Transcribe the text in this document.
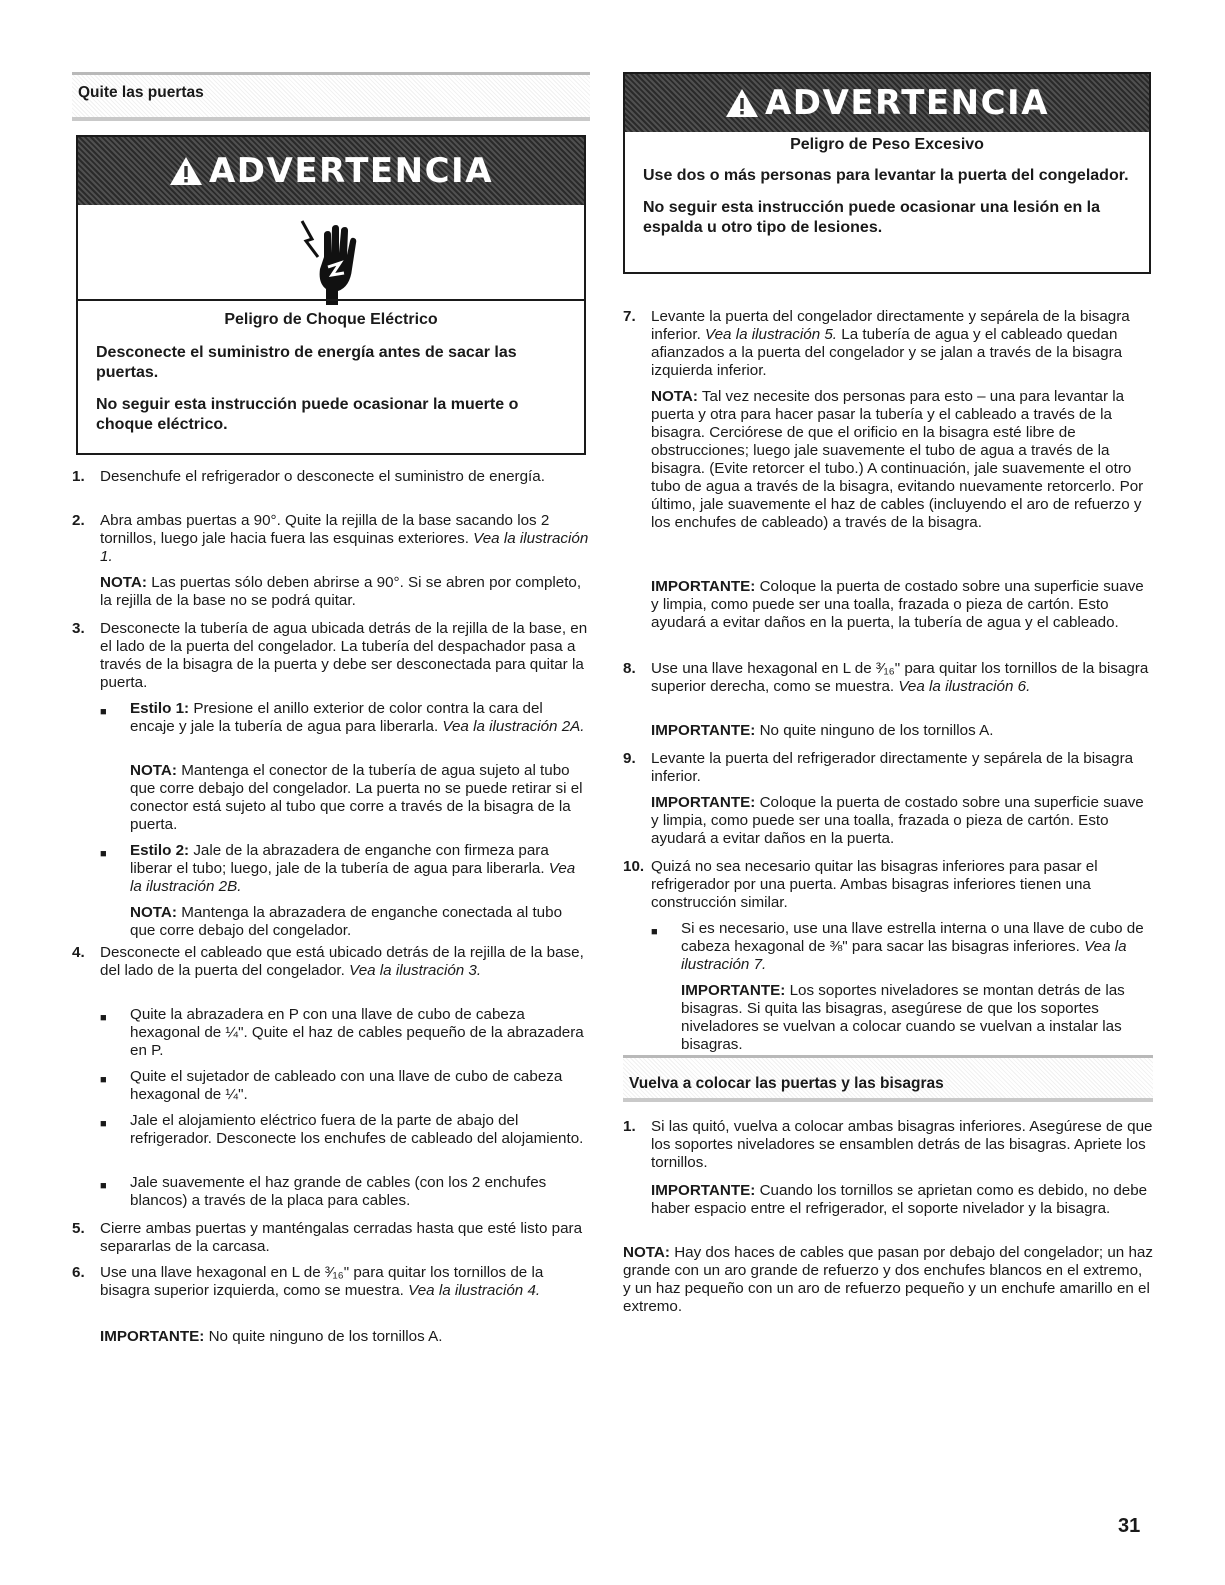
Quite las puertas
ADVERTENCIA
Peligro de Choque Eléctrico

Desconecte el suministro de energía antes de sacar las puertas.

No seguir esta instrucción puede ocasionar la muerte o choque eléctrico.

1. Desenchufe el refrigerador o desconecte el suministro de energía.

2. Abra ambas puertas a 90°. Quite la rejilla de la base sacando los 2 tornillos, luego jale hacia fuera las esquinas exteriores. Vea la ilustración 1.

NOTA: Las puertas sólo deben abrirse a 90°. Si se abren por completo, la rejilla de la base no se podrá quitar.

3. Desconecte la tubería de agua ubicada detrás de la rejilla de la base, en el lado de la puerta del congelador. La tubería del despachador pasa a través de la bisagra de la puerta y debe ser desconectada para quitar la puerta.

■ Estilo 1: Presione el anillo exterior de color contra la cara del encaje y jale la tubería de agua para liberarla. Vea la ilustración 2A.

NOTA: Mantenga el conector de la tubería de agua sujeto al tubo que corre debajo del congelador. La puerta no se puede retirar si el conector está sujeto al tubo que corre a través de la bisagra de la puerta.

■ Estilo 2: Jale de la abrazadera de enganche con firmeza para liberar el tubo; luego, jale de la tubería de agua para liberarla. Vea la ilustración 2B.

NOTA: Mantenga la abrazadera de enganche conectada al tubo que corre debajo del congelador.

4. Desconecte el cableado que está ubicado detrás de la rejilla de la base, del lado de la puerta del congelador. Vea la ilustración 3.

■ Quite la abrazadera en P con una llave de cubo de cabeza hexagonal de ¼". Quite el haz de cables pequeño de la abrazadera en P.

■ Quite el sujetador de cableado con una llave de cubo de cabeza hexagonal de ¼".

■ Jale el alojamiento eléctrico fuera de la parte de abajo del refrigerador. Desconecte los enchufes de cableado del alojamiento.

■ Jale suavemente el haz grande de cables (con los 2 enchufes blancos) a través de la placa para cables.

5. Cierre ambas puertas y manténgalas cerradas hasta que esté listo para separarlas de la carcasa.

6. Use una llave hexagonal en L de ³⁄₁₆" para quitar los tornillos de la bisagra superior izquierda, como se muestra. Vea la ilustración 4.

IMPORTANTE: No quite ninguno de los tornillos A.

ADVERTENCIA
Peligro de Peso Excesivo

Use dos o más personas para levantar la puerta del congelador.

No seguir esta instrucción puede ocasionar una lesión en la espalda u otro tipo de lesiones.

7. Levante la puerta del congelador directamente y sepárela de la bisagra inferior. Vea la ilustración 5. La tubería de agua y el cableado quedan afianzados a la puerta del congelador y se jalan a través de la bisagra izquierda inferior.

NOTA: Tal vez necesite dos personas para esto – una para levantar la puerta y otra para hacer pasar la tubería y el cableado a través de la bisagra. Cerciórese de que el orificio en la bisagra esté libre de obstrucciones; luego jale suavemente el tubo de agua a través de la bisagra. (Evite retorcer el tubo.) A continuación, jale suavemente el otro tubo de agua a través de la bisagra, evitando nuevamente retorcerlo. Por último, jale suavemente el haz de cables (incluyendo el aro de refuerzo y los enchufes de cableado) a través de la bisagra.

IMPORTANTE: Coloque la puerta de costado sobre una superficie suave y limpia, como puede ser una toalla, frazada o pieza de cartón. Esto ayudará a evitar daños en la puerta, la tubería de agua y el cableado.

8. Use una llave hexagonal en L de ³⁄₁₆" para quitar los tornillos de la bisagra superior derecha, como se muestra. Vea la ilustración 6.

IMPORTANTE: No quite ninguno de los tornillos A.

9. Levante la puerta del refrigerador directamente y sepárela de la bisagra inferior.

IMPORTANTE: Coloque la puerta de costado sobre una superficie suave y limpia, como puede ser una toalla, frazada o pieza de cartón. Esto ayudará a evitar daños en la puerta.

10. Quizá no sea necesario quitar las bisagras inferiores para pasar el refrigerador por una puerta. Ambas bisagras inferiores tienen una construcción similar.

■ Si es necesario, use una llave estrella interna o una llave de cubo de cabeza hexagonal de ⅜" para sacar las bisagras inferiores. Vea la ilustración 7.

IMPORTANTE: Los soportes niveladores se montan detrás de las bisagras. Si quita las bisagras, asegúrese de que los soportes niveladores se vuelvan a colocar cuando se vuelvan a instalar las bisagras.

Vuelva a colocar las puertas y las bisagras
1. Si las quitó, vuelva a colocar ambas bisagras inferiores. Asegúrese de que los soportes niveladores se ensamblen detrás de las bisagras. Apriete los tornillos.

IMPORTANTE: Cuando los tornillos se aprietan como es debido, no debe haber espacio entre el refrigerador, el soporte nivelador y la bisagra.

NOTA: Hay dos haces de cables que pasan por debajo del congelador; un haz grande con un aro grande de refuerzo y dos enchufes blancos en el extremo, y un haz pequeño con un aro de refuerzo pequeño y un enchufe amarillo en el extremo.

31
